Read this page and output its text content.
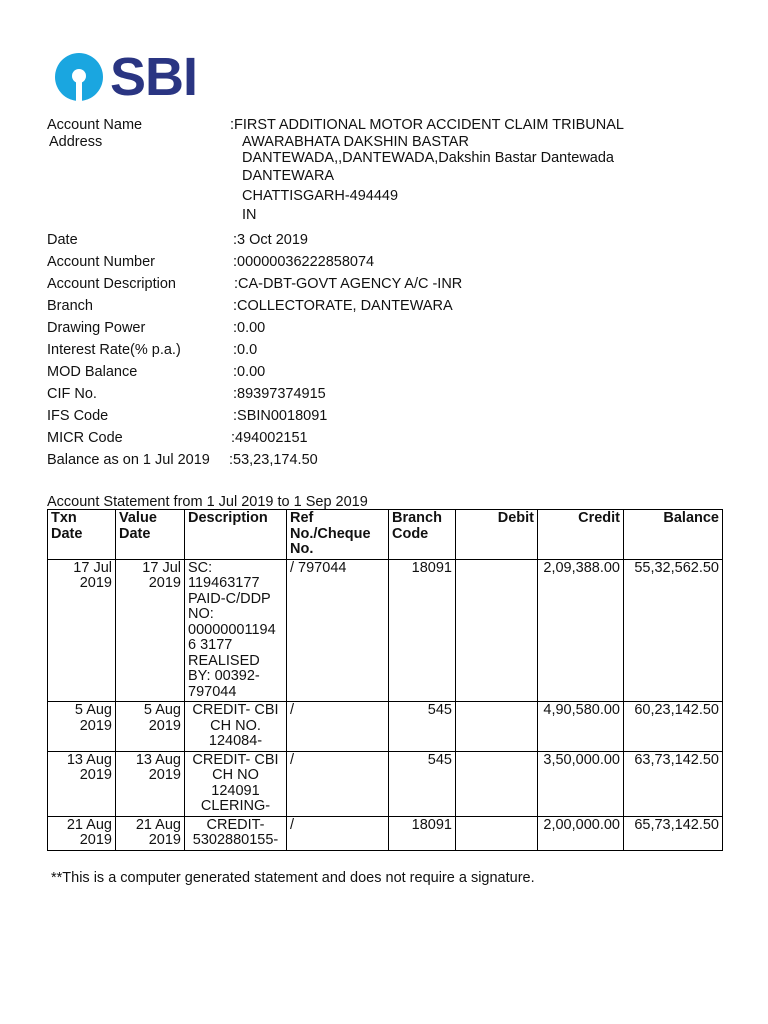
SBI
Account Name	:FIRST ADDITIONAL MOTOR ACCIDENT CLAIM TRIBUNAL
Address	AWARABHATA DAKSHIN BASTAR
DANTEWADA,,DANTEWADA,Dakshin Bastar Dantewada
DANTEWARA
CHATTISGARH-494449
IN
Date	:3 Oct 2019
Account Number	:00000036222858074
Account Description	:CA-DBT-GOVT AGENCY A/C -INR
Branch	:COLLECTORATE, DANTEWARA
Drawing Power	:0.00
Interest Rate(% p.a.)	:0.0
MOD Balance	:0.00
CIF No.	:89397374915
IFS Code	:SBIN0018091
MICR Code	:494002151
Balance as on 1 Jul 2019 :53,23,174.50
Account Statement from 1 Jul 2019 to 1 Sep 2019
Txn Date	Value Date	Description	Ref No./Cheque No.	Branch Code	Debit	Credit	Balance
17 Jul 2019	17 Jul 2019	SC: 119463177 PAID-C/DDP NO: 000000011946 3177 REALISED BY: 00392-797044	/ 797044	18091		2,09,388.00	55,32,562.50
5 Aug 2019	5 Aug 2019	CREDIT- CBI CH NO. 124084-	/	545		4,90,580.00	60,23,142.50
13 Aug 2019	13 Aug 2019	CREDIT- CBI CH NO 124091 CLERING-	/	545		3,50,000.00	63,73,142.50
21 Aug 2019	21 Aug 2019	CREDIT- 5302880155-	/	18091		2,00,000.00	65,73,142.50
**This is a computer generated statement and does not require a signature.
